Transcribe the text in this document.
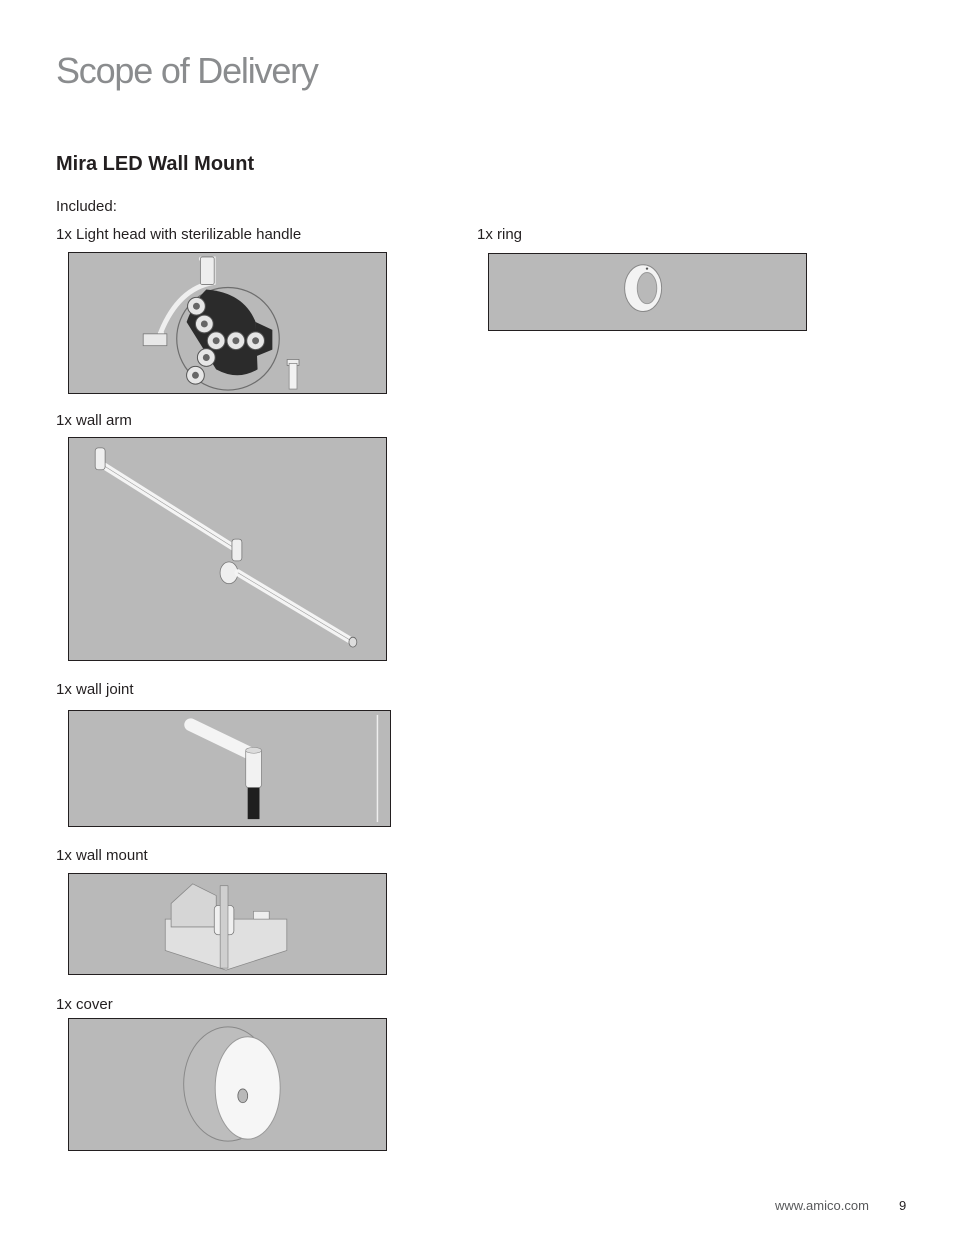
Scope of Delivery
Mira LED Wall Mount
Included:
1x Light head with sterilizable handle	1x ring
1x wall arm
1x wall joint
1x wall mount
1x cover
www.amico.com 9
